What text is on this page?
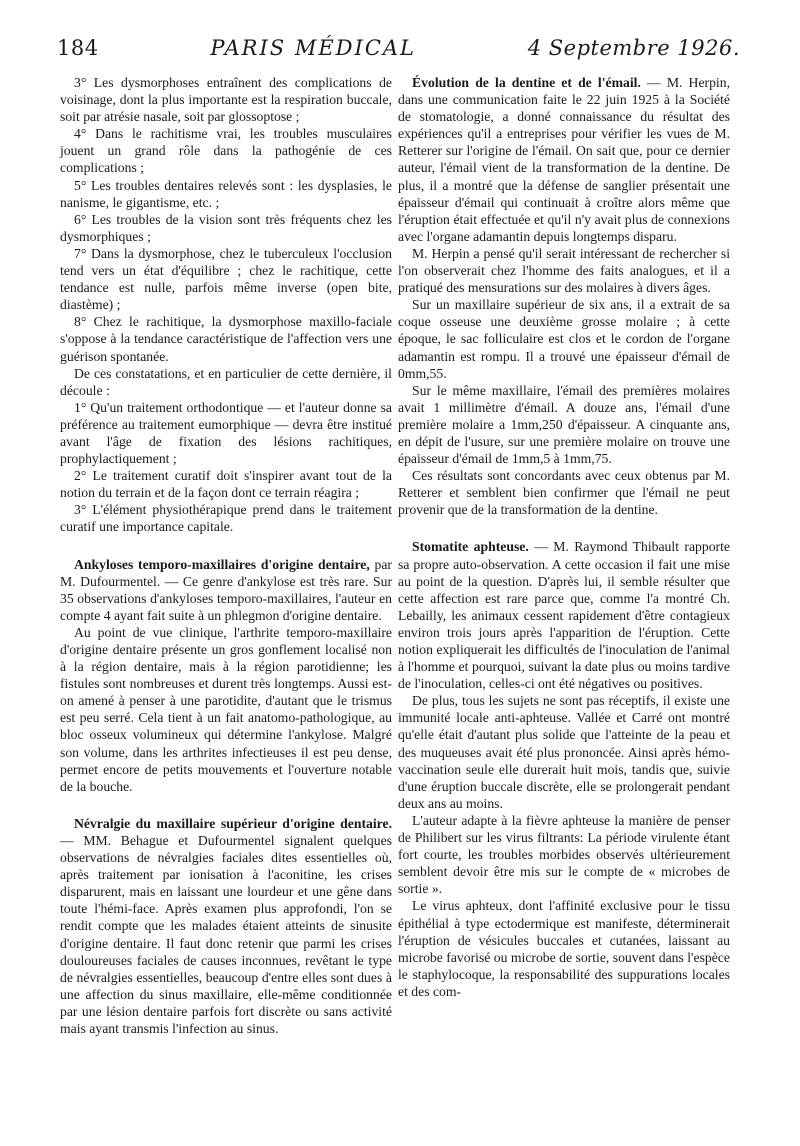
184	PARIS MÉDICAL	4 Septembre 1926.

3° Les dysmorphoses entraînent des complications de voisinage, dont la plus importante est la respiration buccale, soit par atrésie nasale, soit par glossoptose ;

4° Dans le rachitisme vrai, les troubles musculaires jouent un grand rôle dans la pathogénie de ces complications ;

5° Les troubles dentaires relevés sont : les dysplasies, le nanisme, le gigantisme, etc. ;

6° Les troubles de la vision sont très fréquents chez les dysmorphiques ;

7° Dans la dysmorphose, chez le tuberculeux l'occlusion tend vers un état d'équilibre ; chez le rachitique, cette tendance est nulle, parfois même inverse (open bite, diastème) ;

8° Chez le rachitique, la dysmorphose maxillo-faciale s'oppose à la tendance caractéristique de l'affection vers une guérison spontanée.

De ces constatations, et en particulier de cette dernière, il découle :

1° Qu'un traitement orthodontique — et l'auteur donne sa préférence au traitement eumorphique — devra être institué avant l'âge de fixation des lésions rachitiques, prophylactiquement ;

2° Le traitement curatif doit s'inspirer avant tout de la notion du terrain et de la façon dont ce terrain réagira ;

3° L'élément physiothérapique prend dans le traitement curatif une importance capitale.

Ankyloses temporo-maxillaires d'origine dentaire, par M. Dufourmentel. — Ce genre d'ankylose est très rare. Sur 35 observations d'ankyloses temporo-maxillaires, l'auteur en compte 4 ayant fait suite à un phlegmon d'origine dentaire.

Au point de vue clinique, l'arthrite temporo-maxillaire d'origine dentaire présente un gros gonflement localisé non à la région dentaire, mais à la région parotidienne; les fistules sont nombreuses et durent très longtemps. Aussi est-on amené à penser à une parotidite, d'autant que le trismus est peu serré. Cela tient à un fait anatomo-pathologique, au bloc osseux volumineux qui détermine l'ankylose. Malgré son volume, dans les arthrites infectieuses il est peu dense, permet encore de petits mouvements et l'ouverture notable de la bouche.

Névralgie du maxillaire supérieur d'origine dentaire. — MM. Behague et Dufourmentel signalent quelques observations de névralgies faciales dites essentielles où, après traitement par ionisation à l'aconitine, les crises disparurent, mais en laissant une lourdeur et une gêne dans toute l'hémi-face. Après examen plus approfondi, l'on se rendit compte que les malades étaient atteints de sinusite d'origine dentaire. Il faut donc retenir que parmi les crises douloureuses faciales de causes inconnues, revêtant le type de névralgies essentielles, beaucoup d'entre elles sont dues à une affection du sinus maxillaire, elle-même conditionnée par une lésion dentaire parfois fort discrète ou sans activité mais ayant transmis l'infection au sinus.

Évolution de la dentine et de l'émail. — M. Herpin, dans une communication faite le 22 juin 1925 à la Société de stomatologie, a donné connaissance du résultat des expériences qu'il a entreprises pour vérifier les vues de M. Retterer sur l'origine de l'émail. On sait que, pour ce dernier auteur, l'émail vient de la transformation de la dentine. De plus, il a montré que la défense de sanglier présentait une épaisseur d'émail qui continuait à croître alors même que l'éruption était effectuée et qu'il n'y avait plus de connexions avec l'organe adamantin depuis longtemps disparu.

M. Herpin a pensé qu'il serait intéressant de rechercher si l'on observerait chez l'homme des faits analogues, et il a pratiqué des mensurations sur des molaires à divers âges.

Sur un maxillaire supérieur de six ans, il a extrait de sa coque osseuse une deuxième grosse molaire ; à cette époque, le sac folliculaire est clos et le cordon de l'organe adamantin est rompu. Il a trouvé une épaisseur d'émail de 0mm,55.

Sur le même maxillaire, l'émail des premières molaires avait 1 millimètre d'émail. A douze ans, l'émail d'une première molaire a 1mm,250 d'épaisseur. A cinquante ans, en dépit de l'usure, sur une première molaire on trouve une épaisseur d'émail de 1mm,5 à 1mm,75.

Ces résultats sont concordants avec ceux obtenus par M. Retterer et semblent bien confirmer que l'émail ne peut provenir que de la transformation de la dentine.

Stomatite aphteuse. — M. Raymond Thibault rapporte sa propre auto-observation. A cette occasion il fait une mise au point de la question. D'après lui, il semble résulter que cette affection est rare parce que, comme l'a montré Ch. Lebailly, les animaux cessent rapidement d'être contagieux environ trois jours après l'apparition de l'éruption. Cette notion expliquerait les difficultés de l'inoculation de l'animal à l'homme et pourquoi, suivant la date plus ou moins tardive de l'inoculation, celles-ci ont été négatives ou positives.

De plus, tous les sujets ne sont pas réceptifs, il existe une immunité locale anti-aphteuse. Vallée et Carré ont montré qu'elle était d'autant plus solide que l'atteinte de la peau et des muqueuses avait été plus prononcée. Ainsi après hémo-vaccination seule elle durerait huit mois, tandis que, suivie d'une éruption buccale discrète, elle se prolongerait pendant deux ans au moins.

L'auteur adapte à la fièvre aphteuse la manière de penser de Philibert sur les virus filtrants: La période virulente étant fort courte, les troubles morbides observés ultérieurement semblent devoir être mis sur le compte de « microbes de sortie ».

Le virus aphteux, dont l'affinité exclusive pour le tissu épithélial à type ectodermique est manifeste, déterminerait l'éruption de vésicules buccales et cutanées, laissant au microbe favorisé ou microbe de sortie, souvent dans l'espèce le staphylocoque, la responsabilité des suppurations locales et des com-
